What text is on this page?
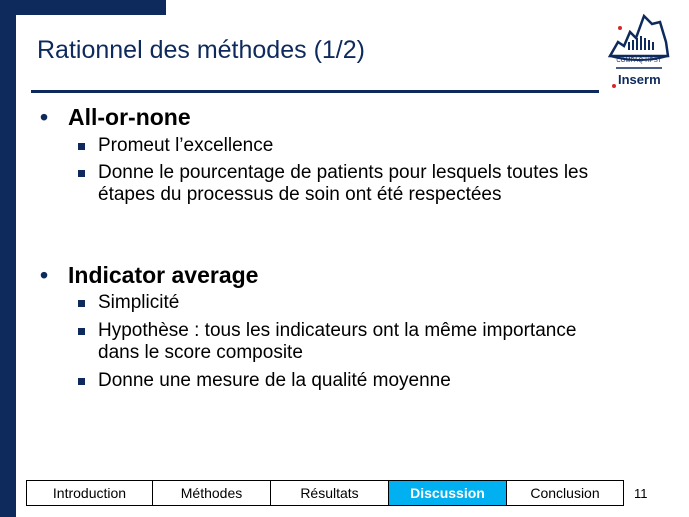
Rationnel des méthodes (1/2)	COMPAQ-HPST
Inserm
• All-or-none
Promeut l’excellence
Donne le pourcentage de patients pour lesquels toutes les étapes du processus de soin ont été respectées
• Indicator average
Simplicité
Hypothèse : tous les indicateurs ont la même importance dans le score composite
Donne une mesure de la qualité moyenne
Introduction	Méthodes	Résultats	Discussion	Conclusion	11
